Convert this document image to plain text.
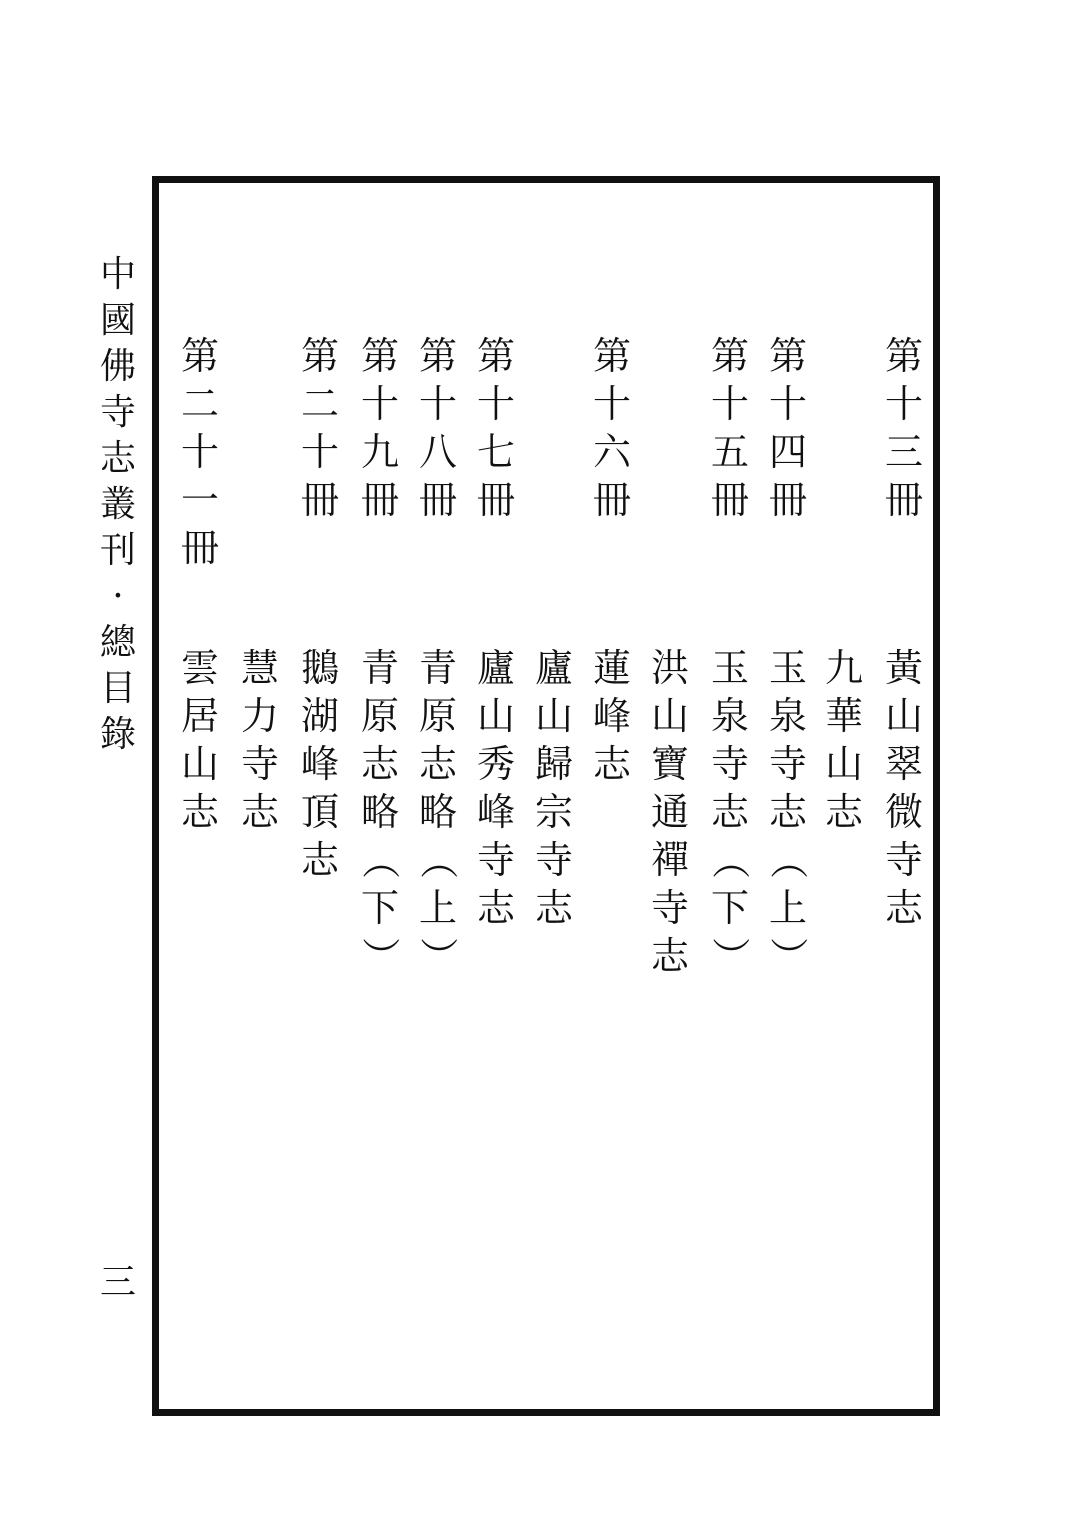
中國佛寺志叢刊·總目錄
三
第十三冊
黃山翠微寺志
九華山志
第十四冊
玉泉寺志（上）
第十五冊
玉泉寺志（下）
洪山寶通禪寺志
第十六冊
蓮峰志
廬山歸宗寺志
第十七冊
廬山秀峰寺志
第十八冊
青原志略（上）
第十九冊
青原志略（下）
第二十冊
鵝湖峰頂志
慧力寺志
第二十一冊
雲居山志
